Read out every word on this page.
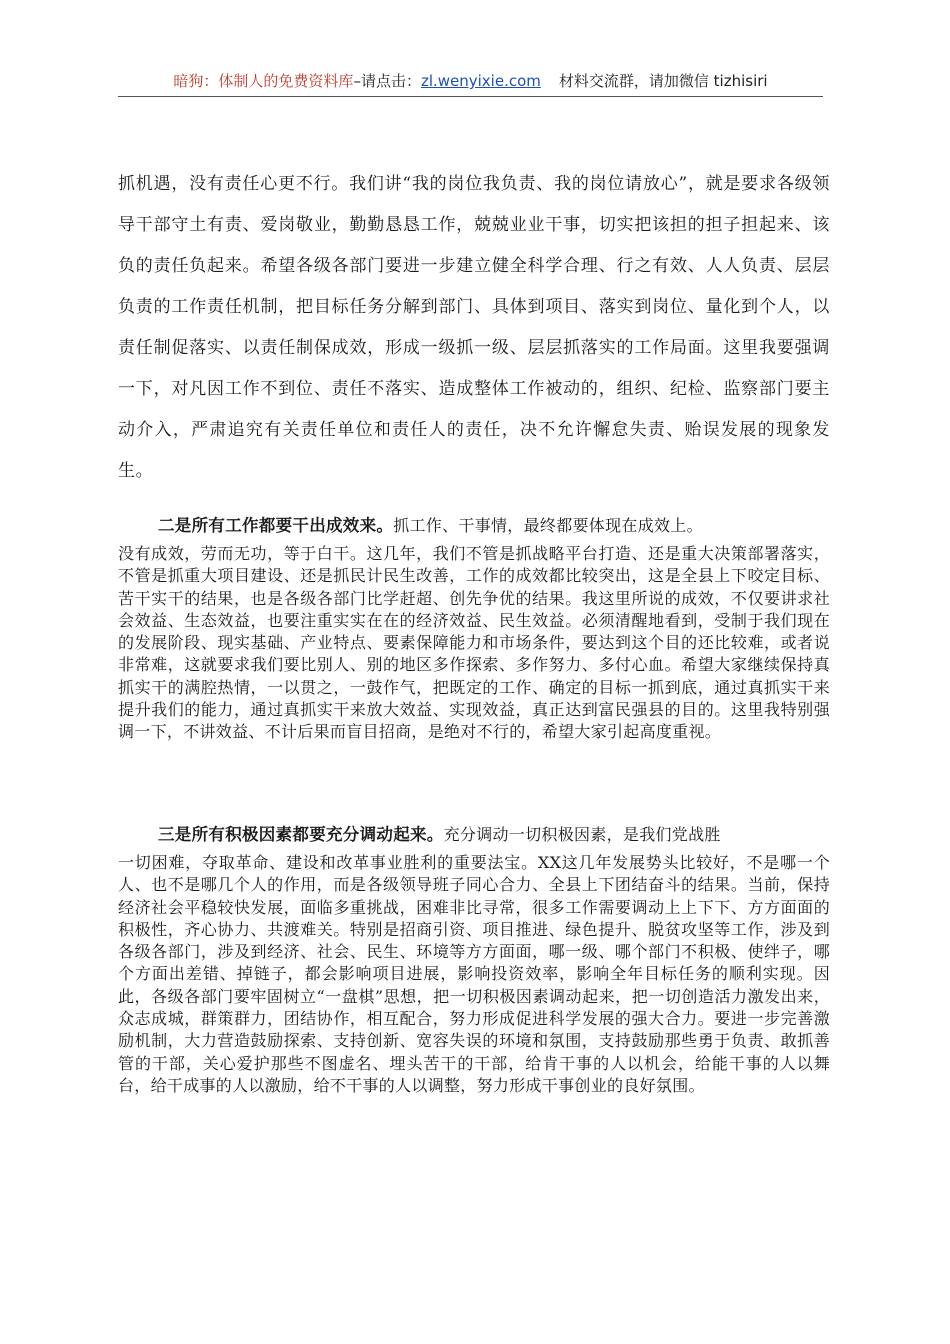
暗狗：体制人的免费资料库–请点击：zl.wenyixie.com 材料交流群，请加微信 tizhisiri
抓机遇，没有责任心更不行。我们讲“我的岗位我负责、我的岗位请放心”，就是要求各级领导干部守土有责、爱岗敬业，勤勤恳恳工作，兢兢业业干事，切实把该担的担子担起来、该负的责任负起来。希望各级各部门要进一步建立健全科学合理、行之有效、人人负责、层层负责的工作责任机制，把目标任务分解到部门、具体到项目、落实到岗位、量化到个人，以责任制促落实、以责任制保成效，形成一级抓一级、层层抓落实的工作局面。这里我要强调一下，对凡因工作不到位、责任不落实、造成整体工作被动的，组织、纪检、监察部门要主动介入，严肃追究有关责任单位和责任人的责任，决不允许懈怠失责、贻误发展的现象发生。
二是所有工作都要干出成效来。抓工作、干事情，最终都要体现在成效上。
没有成效，劳而无功，等于白干。这几年，我们不管是抓战略平台打造、还是重大决策部署落实，不管是抓重大项目建设、还是抓民计民生改善，工作的成效都比较突出，这是全县上下咬定目标、苦干实干的结果，也是各级各部门比学赶超、创先争优的结果。我这里所说的成效，不仅要讲求社会效益、生态效益，也要注重实实在在的经济效益、民生效益。必须清醒地看到，受制于我们现在的发展阶段、现实基础、产业特点、要素保障能力和市场条件，要达到这个目的还比较难，或者说非常难，这就要求我们要比别人、别的地区多作探索、多作努力、多付心血。希望大家继续保持真抓实干的满腔热情，一以贯之，一鼓作气，把既定的工作、确定的目标一抓到底，通过真抓实干来提升我们的能力，通过真抓实干来放大效益、实现效益，真正达到富民强县的目的。这里我特别强调一下，不讲效益、不计后果而盲目招商，是绝对不行的，希望大家引起高度重视。
三是所有积极因素都要充分调动起来。充分调动一切积极因素，是我们党战胜
一切困难，夺取革命、建设和改革事业胜利的重要法宝。XX这几年发展势头比较好，不是哪一个人、也不是哪几个人的作用，而是各级领导班子同心合力、全县上下团结奋斗的结果。当前，保持经济社会平稳较快发展，面临多重挑战，困难非比寻常，很多工作需要调动上上下下、方方面面的积极性，齐心协力、共渡难关。特别是招商引资、项目推进、绿色提升、脱贫攻坚等工作，涉及到各级各部门，涉及到经济、社会、民生、环境等方方面面，哪一级、哪个部门不积极、使绊子，哪个方面出差错、掉链子，都会影响项目进展，影响投资效率，影响全年目标任务的顺利实现。因此，各级各部门要牢固树立“一盘棋”思想，把一切积极因素调动起来，把一切创造活力激发出来，众志成城，群策群力，团结协作，相互配合，努力形成促进科学发展的强大合力。要进一步完善激励机制，大力营造鼓励探索、支持创新、宽容失误的环境和氛围，支持鼓励那些勇于负责、敢抓善管的干部，关心爱护那些不图虚名、埋头苦干的干部，给肯干事的人以机会，给能干事的人以舞台，给干成事的人以激励，给不干事的人以调整，努力形成干事创业的良好氛围。
